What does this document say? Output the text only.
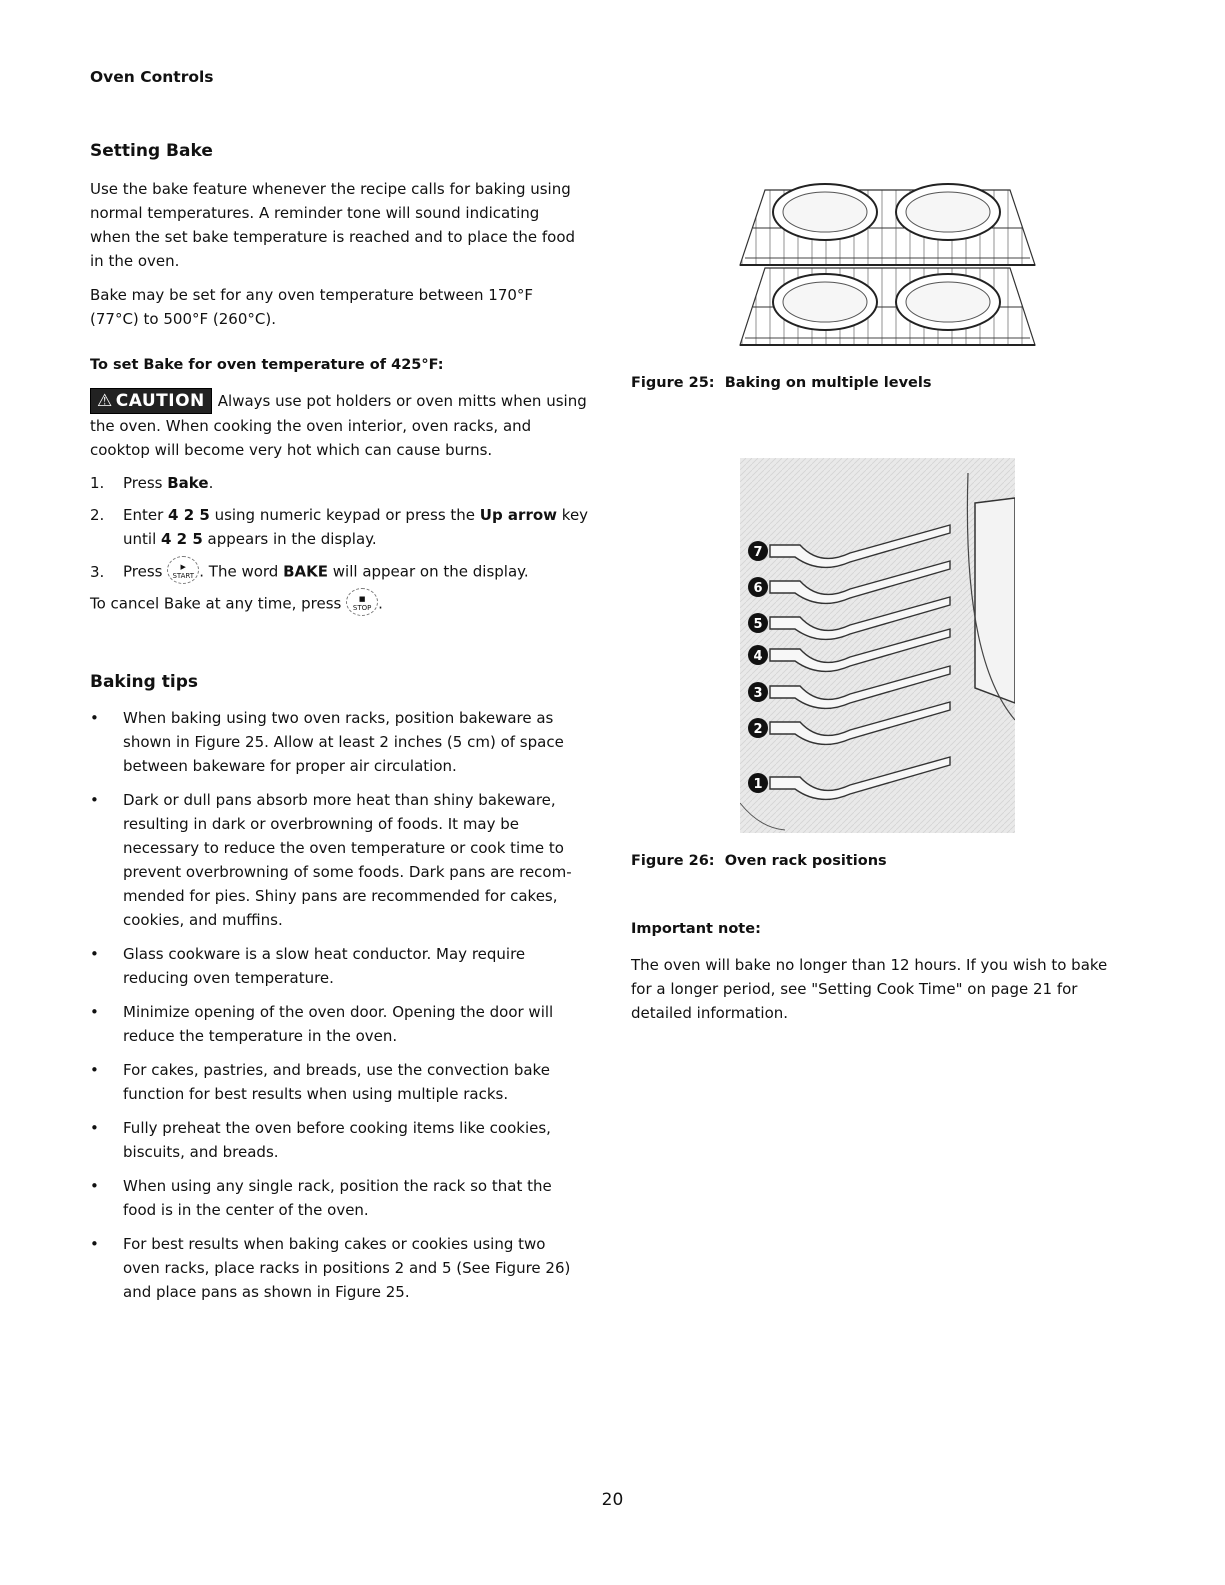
Oven Controls
Setting Bake
Use the bake feature whenever the recipe calls for baking using
normal temperatures. A reminder tone will sound indicating
when the set bake temperature is reached and to place the food
in the oven.
Bake may be set for any oven temperature between 170°F
(77°C) to 500°F (260°C).
To set Bake for oven temperature of 425°F:
⚠ CAUTION Always use pot holders or oven mitts when using
the oven. When cooking the oven interior, oven racks, and
cooktop will become very hot which can cause burns.
1. Press Bake.
2. Enter 4 2 5 using numeric keypad or press the Up arrow key
until 4 2 5 appears in the display.
3. Press ▶
START . The word BAKE will appear on the display.
To cancel Bake at any time, press ■
STOP .
Baking tips
• When baking using two oven racks, position bakeware as
shown in Figure 25. Allow at least 2 inches (5 cm) of space
between bakeware for proper air circulation.
• Dark or dull pans absorb more heat than shiny bakeware,
resulting in dark or overbrowning of foods. It may be
necessary to reduce the oven temperature or cook time to
prevent overbrowning of some foods. Dark pans are recom-
mended for pies. Shiny pans are recommended for cakes,
cookies, and muffins.
• Glass cookware is a slow heat conductor. May require
reducing oven temperature.
• Minimize opening of the oven door. Opening the door will
reduce the temperature in the oven.
• For cakes, pastries, and breads, use the convection bake
function for best results when using multiple racks.
• Fully preheat the oven before cooking items like cookies,
biscuits, and breads.
• When using any single rack, position the rack so that the
food is in the center of the oven.
• For best results when baking cakes or cookies using two
oven racks, place racks in positions 2 and 5 (See Figure 26)
and place pans as shown in Figure 25.
Figure 25: Baking on multiple levels
7
6
5
4
3
2
1
Figure 26: Oven rack positions
Important note:
The oven will bake no longer than 12 hours. If you wish to bake
for a longer period, see "Setting Cook Time" on page 21 for
detailed information.
20
